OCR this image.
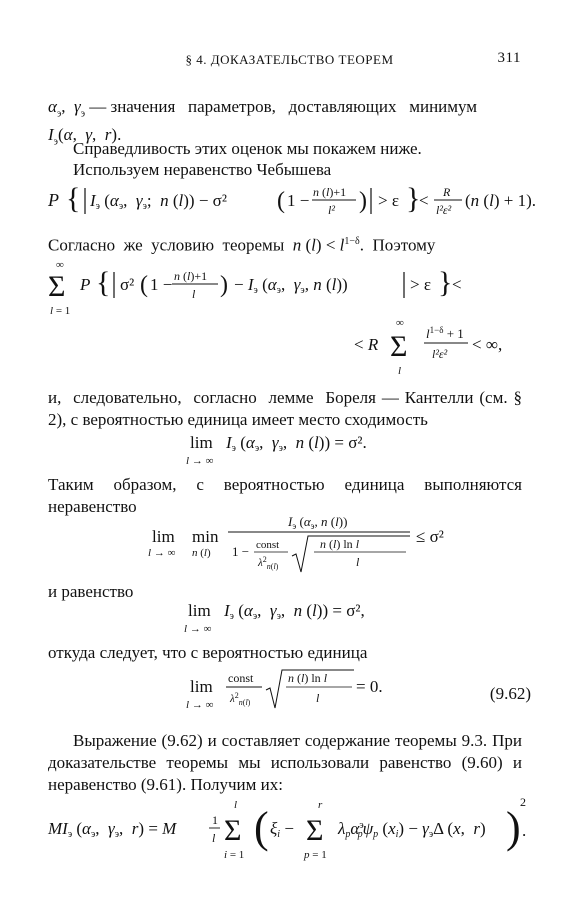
§ 4. ДОКАЗАТЕЛЬСТВО ТЕОРЕМ	311
$\alpha_э$,  $\gamma_э$ — значения   параметров,   доставляющих   минимум
$I_э(\alpha$,  γ,  r).
Справедливость этих оценок мы покажем ниже.
Используем неравенство Чебышева
P { Iэ (αэ,  γэ;  n (l)) − σ² ( 1 − n (l)+1
l² ) > ε }
< R
l²ε² (n (l) + 1).
Согласно  же  условию  теоремы  n $(l) < l^{1-\delta}$.  Поэтому
∞
Σ
l = 1
P { σ² ( 1 − n (l)+1
l ) − Iэ (αэ,  γэ, n (l))	> ε } <
< R
∞
Σ
l
$l^{1-\delta} + 1$
l²ε² < ∞,
и,  следовательно,  согласно  лемме  Бореля — Кантелли (см. § 2), с вероятностью единица имеет место сходимость
lim
l → ∞
Iэ (αэ,  γэ,  n (l)) = σ².
Таким образом, с вероятностью единица выполняются неравенство
lim
l → ∞
min
n (l)
$I_э$ ($\alpha_э$, n (l))
1 − const
$\lambda^2_n(l)$
n (l) ln l
l
≤ σ²
и равенство
lim
l → ∞
Iэ (αэ,  γэ,  n (l)) = σ²,
откуда следует, что с вероятностью единица
lim
l → ∞
const
$\lambda^2_n(l)$
n (l) ln l
l
= 0.	(9.62)
Выражение (9.62) и составляет содержание теоремы 9.3. При доказательстве теоремы мы использовали равенство (9.60) и неравенство (9.61). Получим их:
MIэ (αэ,  γэ,  r) = M	1
l
l
Σ
i = 1
( ξi −
r
Σ
p = 1
λpα$^э$ pψp (xi) − γэΔ (x,  r) )
2
.
